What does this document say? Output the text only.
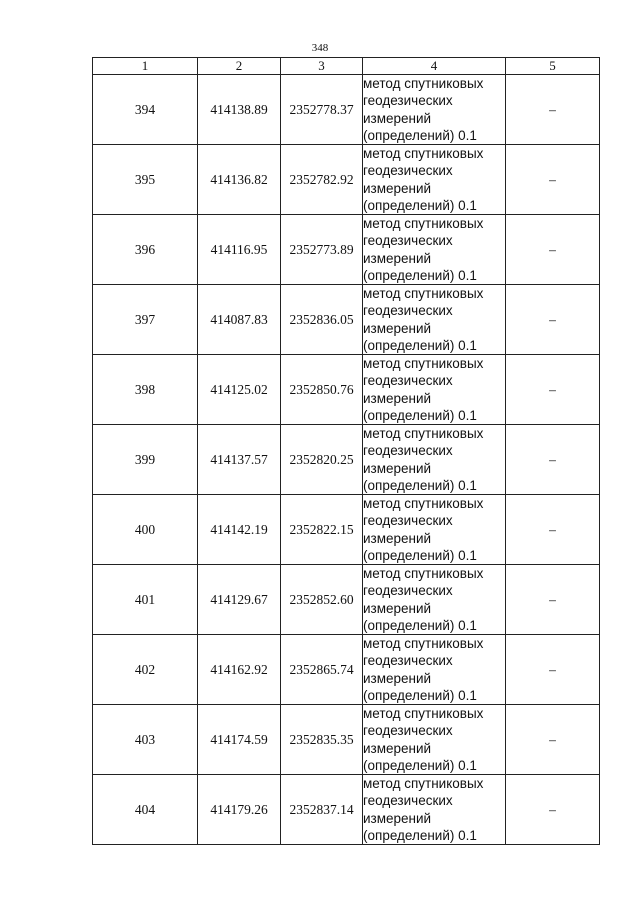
348
1	2	3	4	5
394	414138.89	2352778.37	метод спутниковых
геодезических
измерений
(определений) 0.1	–
395	414136.82	2352782.92	метод спутниковых
геодезических
измерений
(определений) 0.1	–
396	414116.95	2352773.89	метод спутниковых
геодезических
измерений
(определений) 0.1	–
397	414087.83	2352836.05	метод спутниковых
геодезических
измерений
(определений) 0.1	–
398	414125.02	2352850.76	метод спутниковых
геодезических
измерений
(определений) 0.1	–
399	414137.57	2352820.25	метод спутниковых
геодезических
измерений
(определений) 0.1	–
400	414142.19	2352822.15	метод спутниковых
геодезических
измерений
(определений) 0.1	–
401	414129.67	2352852.60	метод спутниковых
геодезических
измерений
(определений) 0.1	–
402	414162.92	2352865.74	метод спутниковых
геодезических
измерений
(определений) 0.1	–
403	414174.59	2352835.35	метод спутниковых
геодезических
измерений
(определений) 0.1	–
404	414179.26	2352837.14	метод спутниковых
геодезических
измерений
(определений) 0.1	–
